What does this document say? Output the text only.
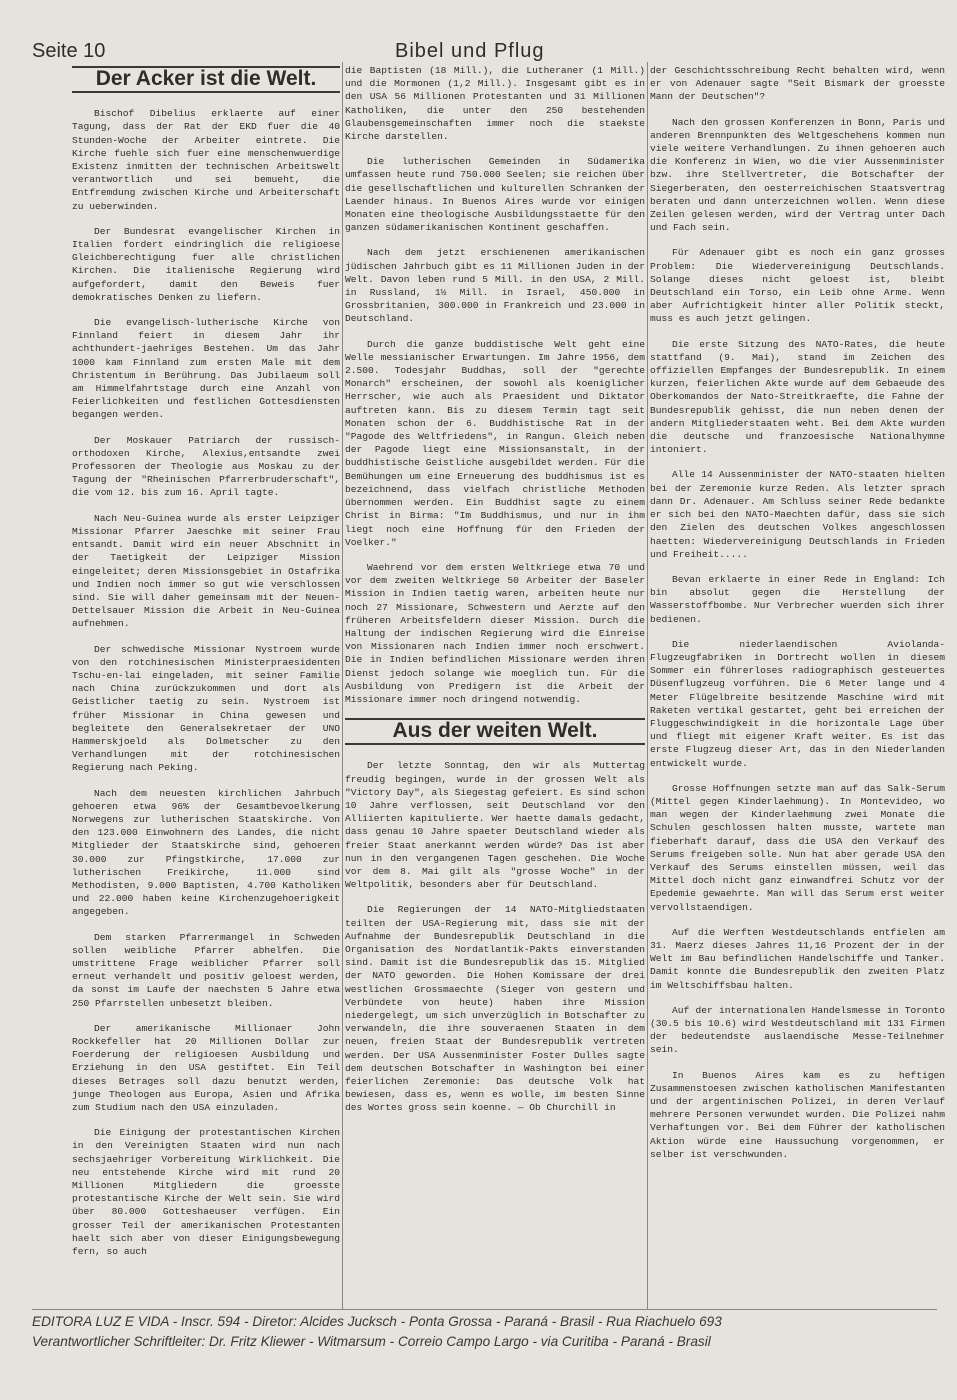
Seite 10	Bibel und Pflug
Der Acker ist die Welt.

Bischof Dibelius erklaerte auf einer Tagung, dass der Rat der EKD fuer die 40 Stunden-Woche der Arbeiter eintrete. Die Kirche fuehle sich fuer eine menschenwuerdige Existenz inmitten der technischen Arbeitswelt verantwortlich und sei bemueht, die Entfremdung zwischen Kirche und Arbeiterschaft zu ueberwinden.

Der Bundesrat evangelischer Kirchen in Italien fordert eindringlich die religioese Gleichberechtigung fuer alle christlichen Kirchen. Die italienische Regierung wird aufgefordert, damit den Beweis fuer demokratisches Denken zu liefern.

Die evangelisch-lutherische Kirche von Finnland feiert in diesem Jahr ihr achthundert-jaehriges Bestehen. Um das Jahr 1000 kam Finnland zum ersten Male mit dem Christentum in Berührung. Das Jubilaeum soll am Himmelfahrtstage durch eine Anzahl von Feierlichkeiten und festlichen Gottesdiensten begangen werden.

Der Moskauer Patriarch der russisch-orthodoxen Kirche, Alexius,entsandte zwei Professoren der Theologie aus Moskau zu der Tagung der "Rheinischen Pfarrerbruderschaft", die vom 12. bis zum 16. April tagte.

Nach Neu-Guinea wurde als erster Leipziger Missionar Pfarrer Jaeschke mit seiner Frau entsandt. Damit wird ein neuer Abschnitt in der Taetigkeit der Leipziger Mission eingeleitet; deren Missionsgebiet in Ostafrika und Indien noch immer so gut wie verschlossen sind. Sie will daher gemeinsam mit der Neuen-Dettelsauer Mission die Arbeit in Neu-Guinea aufnehmen.

Der schwedische Missionar Nystroem wurde von den rotchinesischen Ministerpraesidenten Tschu-en-lai eingeladen, mit seiner Familie nach China zurückzukommen und dort als Geistlicher taetig zu sein. Nystroem ist früher Missionar in China gewesen und begleitete den Generalsekretaer der UNO Hammerskjoeld als Dolmetscher zu den Verhandlungen mit der rotchinesischen Regierung nach Peking.

Nach dem neuesten kirchlichen Jahrbuch gehoeren etwa 96% der Gesamtbevoelkerung Norwegens zur lutherischen Staatskirche. Von den 123.000 Einwohnern des Landes, die nicht Mitglieder der Staatskirche sind, gehoeren 30.000 zur Pfingstkirche, 17.000 zur lutherischen Freikirche, 11.000 sind Methodisten, 9.000 Baptisten, 4.700 Katholiken und 22.000 haben keine Kirchenzugehoerigkeit angegeben.

Dem starken Pfarrermangel in Schweden sollen weibliche Pfarrer abhelfen. Die umstrittene Frage weiblicher Pfarrer soll erneut verhandelt und positiv geloest werden, da sonst im Laufe der naechsten 5 Jahre etwa 250 Pfarrstellen unbesetzt bleiben.

Der amerikanische Millionaer John Rockkefeller hat 20 Millionen Dollar zur Foerderung der religioesen Ausbildung und Erziehung in den USA gestiftet. Ein Teil dieses Betrages soll dazu benutzt werden, junge Theologen aus Europa, Asien und Afrika zum Studium nach den USA einzuladen.

Die Einigung der protestantischen Kirchen in den Vereinigten Staaten wird nun nach sechsjaehriger Vorbereitung Wirklichkeit. Die neu entstehende Kirche wird mit rund 20 Millionen Mitgliedern die groesste protestantische Kirche der Welt sein. Sie wird über 80.000 Gotteshaeuser verfügen. Ein grosser Teil der amerikanischen Protestanten haelt sich aber von dieser Einigungsbewegung fern, so auch

die Baptisten (18 Mill.), die Lutheraner (1 Mill.) und die Mormonen (1,2 Mill.). Insgesamt gibt es in den USA 56 Millionen Protestanten und 31 Millionen Katholiken, die unter den 250 bestehenden Glaubensgemeinschaften immer noch die staekste Kirche darstellen.

Die lutherischen Gemeinden in Südamerika umfassen heute rund 750.000 Seelen; sie reichen über die gesellschaftlichen und kulturellen Schranken der Laender hinaus. In Buenos Aires wurde vor einigen Monaten eine theologische Ausbildungsstaette für den ganzen südamerikanischen Kontinent geschaffen.

Nach dem jetzt erschienenen amerikanischen jüdischen Jahrbuch gibt es 11 Millionen Juden in der Welt. Davon leben rund 5 Mill. in den USA, 2 Mill. in Russland, 1½ Mill. in Israel, 450.000 in Grossbritanien, 300.000 in Frankreich und 23.000 in Deutschland.

Durch die ganze buddistische Welt geht eine Welle messianischer Erwartungen. Im Jahre 1956, dem 2.500. Todesjahr Buddhas, soll der "gerechte Monarch" erscheinen, der sowohl als koeniglicher Herrscher, wie auch als Praesident und Diktator auftreten kann. Bis zu diesem Termin tagt seit Monaten schon der 6. Buddhistische Rat in der "Pagode des Weltfriedens", in Rangun. Gleich neben der Pagode liegt eine Missionsanstalt, in der buddhistische Geistliche ausgebildet werden. Für die Bemühungen um eine Erneuerung des buddhismus ist es bezeichnend, dass vielfach christliche Methoden übernommen werden. Ein Buddhist sagte zu einem Christ in Birma: "Im Buddhismus, und nur in ihm liegt noch eine Hoffnung für den Frieden der Voelker."

Waehrend vor dem ersten Weltkriege etwa 70 und vor dem zweiten Weltkriege 50 Arbeiter der Baseler Mission in Indien taetig waren, arbeiten heute nur noch 27 Missionare, Schwestern und Aerzte auf den früheren Arbeitsfeldern dieser Mission. Durch die Haltung der indischen Regierung wird die Einreise von Missionaren nach Indien immer noch erschwert. Die in Indien befindlichen Missionare werden ihren Dienst jedoch solange wie moeglich tun. Für die Ausbildung von Predigern ist die Arbeit der Missionare immer noch dringend notwendig.

Aus der weiten Welt.

Der letzte Sonntag, den wir als Muttertag freudig begingen, wurde in der grossen Welt als "Victory Day", als Siegestag gefeiert. Es sind schon 10 Jahre verflossen, seit Deutschland vor den Alliierten kapitulierte. Wer haette damals gedacht, dass genau 10 Jahre spaeter Deutschland wieder als freier Staat anerkannt werden würde? Das ist aber nun in den vergangenen Tagen geschehen. Die Woche vor dem 8. Mai gilt als "grosse Woche" in der Weltpolitik, besonders aber für Deutschland.

Die Regierungen der 14 NATO-Mitgliedstaaten teilten der USA-Regierung mit, dass sie mit der Aufnahme der Bundesrepublik Deutschland in die Organisation des Nordatlantik-Pakts einverstanden sind. Damit ist die Bundesrepublik das 15. Mitglied der NATO geworden. Die Hohen Komissare der drei westlichen Grossmaechte (Sieger von gestern und Verbündete von heute) haben ihre Mission niedergelegt, um sich unverzüglich in Botschafter zu verwandeln, die ihre souveraenen Staaten in dem neuen, freien Staat der Bundesrepublik vertreten werden. Der USA Aussenminister Foster Dulles sagte dem deutschen Botschafter in Washington bei einer feierlichen Zeremonie: Das deutsche Volk hat bewiesen, dass es, wenn es wolle, im besten Sinne des Wortes gross sein koenne. — Ob Churchill in

der Geschichtsschreibung Recht behalten wird, wenn er von Adenauer sagte "Seit Bismark der groesste Mann der Deutschen"?

Nach den grossen Konferenzen in Bonn, Paris und anderen Brennpunkten des Weltgeschehens kommen nun viele weitere Verhandlungen. Zu ihnen gehoeren auch die Konferenz in Wien, wo die vier Aussenminister bzw. ihre Stellvertreter, die Botschafter der Siegerberaten, den oesterreichischen Staatsvertrag beraten und dann unterzeichnen wollen. Wenn diese Zeilen gelesen werden, wird der Vertrag unter Dach und Fach sein.

Für Adenauer gibt es noch ein ganz grosses Problem: Die Wiedervereinigung Deutschlands. Solange dieses nicht geloest ist, bleibt Deutschland ein Torso, ein Leib ohne Arme. Wenn aber Aufrichtigkeit hinter aller Politik steckt, muss es auch jetzt gelingen.

Die erste Sitzung des NATO-Rates, die heute stattfand (9. Mai), stand im Zeichen des offiziellen Empfanges der Bundesrepublik. In einem kurzen, feierlichen Akte wurde auf dem Gebaeude des Oberkomandos der Nato-Streitkraefte, die Fahne der Bundesrepublik gehisst, die nun neben denen der andern Mitgliederstaaten weht. Bei dem Akte wurden die deutsche und franzoesische Nationalhymne intoniert.

Alle 14 Aussenminister der NATO-staaten hielten bei der Zeremonie kurze Reden. Als letzter sprach dann Dr. Adenauer. Am Schluss seiner Rede bedankte er sich bei den NATO-Maechten dafür, dass sie sich den Zielen des deutschen Volkes angeschlossen haetten: Wiedervereinigung Deutschlands in Frieden und Freiheit.....

Bevan erklaerte in einer Rede in England: Ich bin absolut gegen die Herstellung der Wasserstoffbombe. Nur Verbrecher wuerden sich ihrer bedienen.

Die niederlaendischen Aviolanda-Flugzeugfabriken in Dortrecht wollen in diesem Sommer ein führerloses radiographisch gesteuertes Düsenflugzeug vorführen. Die 6 Meter lange und 4 Meter Flügelbreite besitzende Maschine wird mit Raketen vertikal gestartet, geht bei erreichen der Fluggeschwindigkeit in die horizontale Lage über und fliegt mit eigener Kraft weiter. Es ist das erste Flugzeug dieser Art, das in den Niederlanden entwickelt wurde.

Grosse Hoffnungen setzte man auf das Salk-Serum (Mittel gegen Kinderlaehmung). In Montevideo, wo man wegen der Kinderlaehmung zwei Monate die Schulen geschlossen halten musste, wartete man fieberhaft darauf, dass die USA den Verkauf des Serums freigeben solle. Nun hat aber gerade USA den Verkauf des Serums einstellen müssen, weil das Mittel doch nicht ganz einwandfrei Schutz vor der Epedemie gewaehrte. Man will das Serum erst weiter vervollstaendigen.

Auf die Werften Westdeutschlands entfielen am 31. Maerz dieses Jahres 11,16 Prozent der in der Welt im Bau befindlichen Handelschiffe und Tanker. Damit konnte die Bundesrepublik den zweiten Platz im Weltschiffsbau halten.

Auf der internationalen Handelsmesse in Toronto (30.5 bis 10.6) wird Westdeutschland mit 131 Firmen der bedeutendste auslaendische Messe-Teilnehmer sein.

In Buenos Aires kam es zu heftigen Zusammenstoesen zwischen katholischen Manifestanten und der argentinischen Polizei, in deren Verlauf mehrere Personen verwundet wurden. Die Polizei nahm Verhaftungen vor. Bei dem Führer der katholischen Aktion würde eine Haussuchung vorgenommen, er selber ist verschwunden.

EDITORA LUZ E VIDA - Inscr. 594 - Diretor: Alcides Jucksch - Ponta Grossa - Paraná - Brasil - Rua Riachuelo 693
Verantwortlicher Schriftleiter: Dr. Fritz Kliewer - Witmarsum - Correio Campo Largo - via Curitiba - Paraná - Brasil
